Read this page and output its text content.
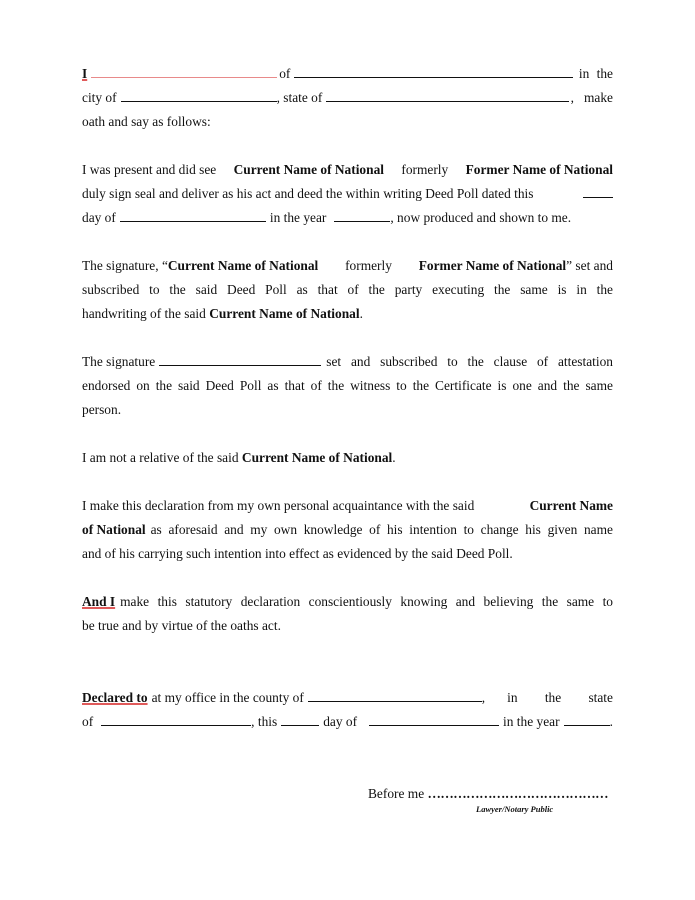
I	of	in the
city of	, state of	, make
oath and say as follows:
I was present and did see Current Name of National formerly Former Name of National
duly sign seal and deliver as his act and deed the within writing Deed Poll dated this
day of	in the year	, now produced and shown to me.
The signature, “Current Name of National formerly Former Name of National” set and
subscribed to the said Deed Poll as that of the party executing the same is in the
handwriting of the said Current Name of National.
The signature	set and subscribed to the clause of attestation
endorsed on the said Deed Poll as that of the witness to the Certificate is one and the same
person.
I am not a relative of the said Current Name of National.
I make this declaration from my own personal acquaintance with the said	Current Name
of National as aforesaid and my own knowledge of his intention to change his given name
and of his carrying such intention into effect as evidenced by the said Deed Poll.
And I make this statutory declaration conscientiously knowing and believing the same to
be true and by virtue of the oaths act.
Declared to at my office in the county of	, in the state
of	, this	day of	in the year	.
Before me ……………………………………
Lawyer/Notary Public
